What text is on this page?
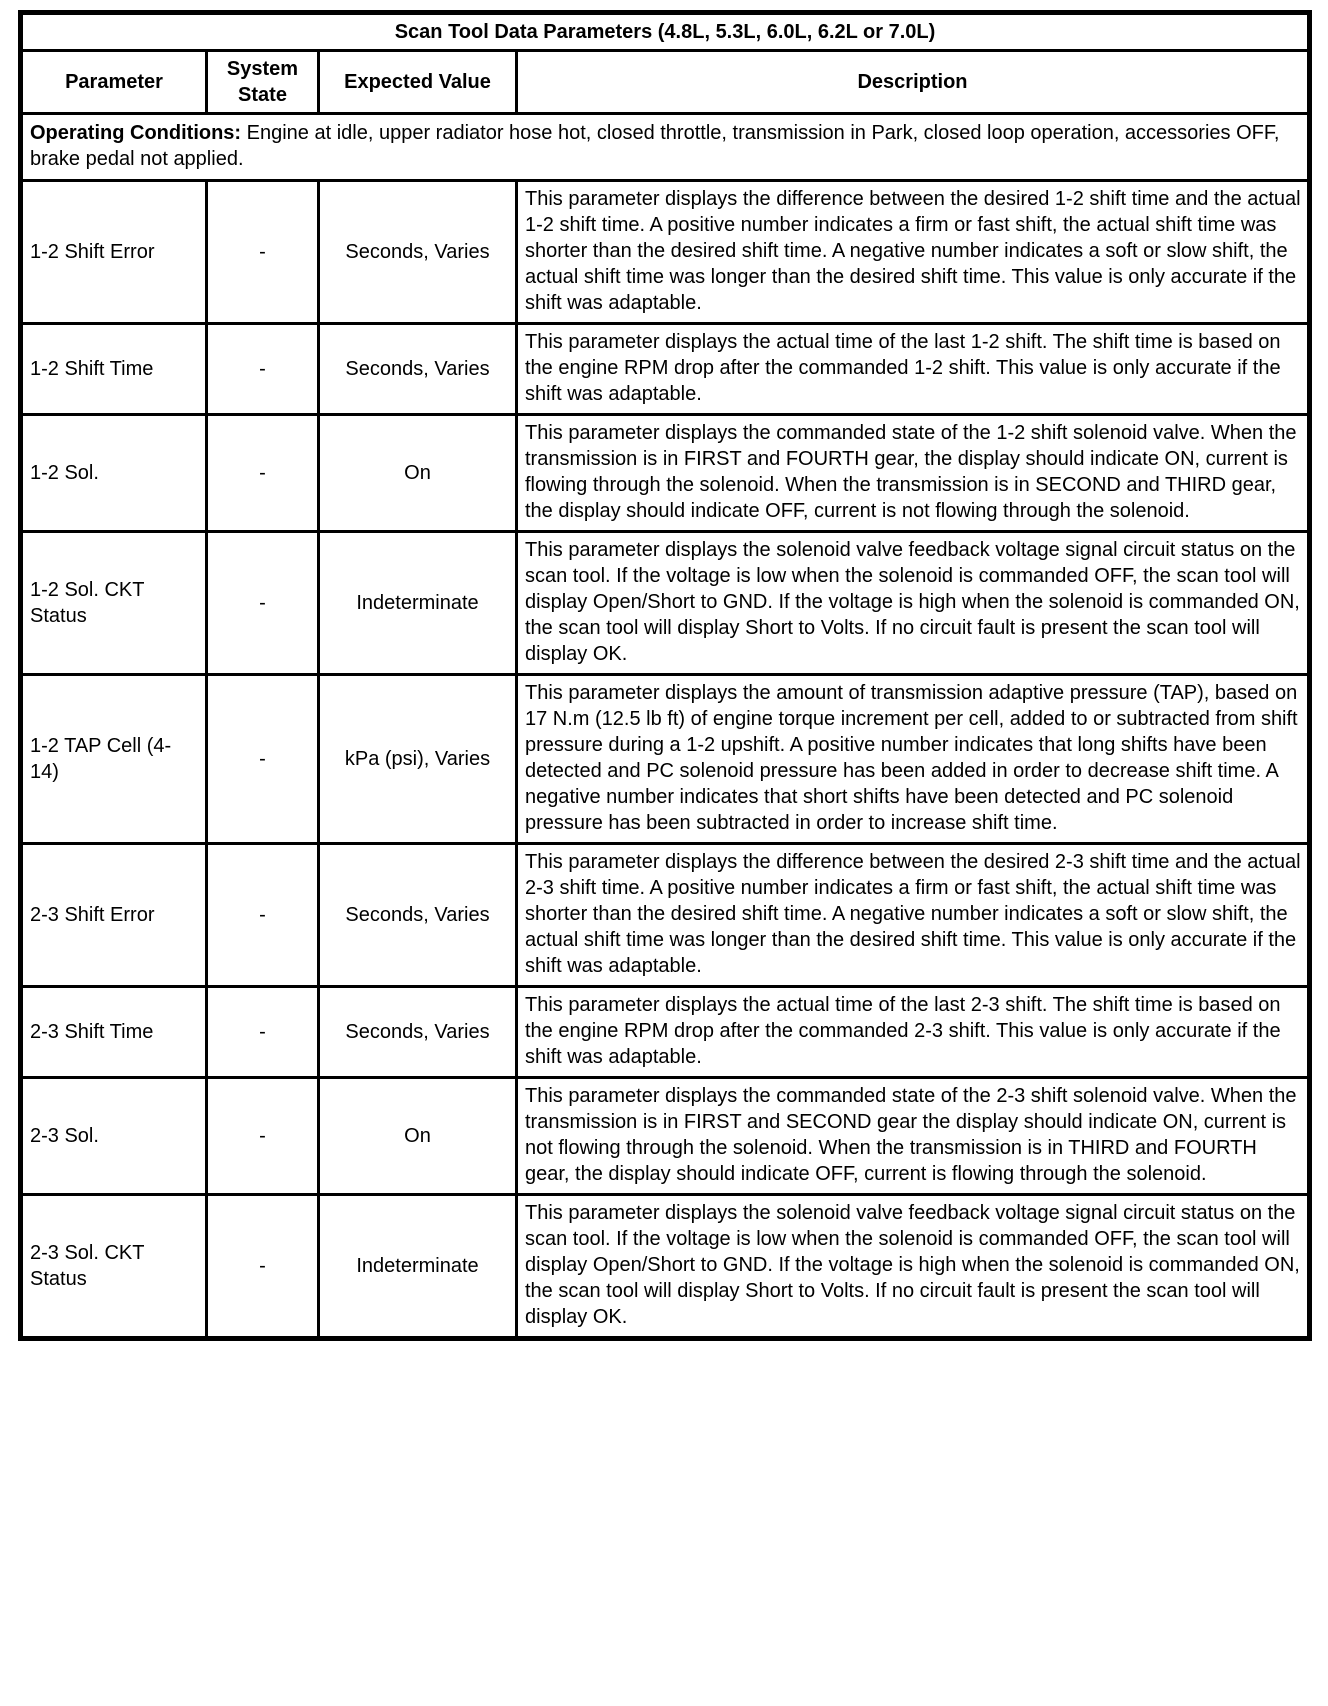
Scan Tool Data Parameters (4.8L, 5.3L, 6.0L, 6.2L or 7.0L)			
Parameter	System State	Expected Value	Description
Operating Conditions: Engine at idle, upper radiator hose hot, closed throttle, transmission in Park, closed loop operation, accessories OFF, brake pedal not applied.			
1-2 Shift Error	-	Seconds, Varies	This parameter displays the difference between the desired 1-2 shift time and the actual 1-2 shift time. A positive number indicates a firm or fast shift, the actual shift time was shorter than the desired shift time. A negative number indicates a soft or slow shift, the actual shift time was longer than the desired shift time. This value is only accurate if the shift was adaptable.
1-2 Shift Time	-	Seconds, Varies	This parameter displays the actual time of the last 1-2 shift. The shift time is based on the engine RPM drop after the commanded 1-2 shift. This value is only accurate if the shift was adaptable.
1-2 Sol.	-	On	This parameter displays the commanded state of the 1-2 shift solenoid valve. When the transmission is in FIRST and FOURTH gear, the display should indicate ON, current is flowing through the solenoid. When the transmission is in SECOND and THIRD gear, the display should indicate OFF, current is not flowing through the solenoid.
1-2 Sol. CKT Status	-	Indeterminate	This parameter displays the solenoid valve feedback voltage signal circuit status on the scan tool. If the voltage is low when the solenoid is commanded OFF, the scan tool will display Open/Short to GND. If the voltage is high when the solenoid is commanded ON, the scan tool will display Short to Volts. If no circuit fault is present the scan tool will display OK.
1-2 TAP Cell (4-14)	-	kPa (psi), Varies	This parameter displays the amount of transmission adaptive pressure (TAP), based on 17 N.m (12.5 lb ft) of engine torque increment per cell, added to or subtracted from shift pressure during a 1-2 upshift. A positive number indicates that long shifts have been detected and PC solenoid pressure has been added in order to decrease shift time. A negative number indicates that short shifts have been detected and PC solenoid pressure has been subtracted in order to increase shift time.
2-3 Shift Error	-	Seconds, Varies	This parameter displays the difference between the desired 2-3 shift time and the actual 2-3 shift time. A positive number indicates a firm or fast shift, the actual shift time was shorter than the desired shift time. A negative number indicates a soft or slow shift, the actual shift time was longer than the desired shift time. This value is only accurate if the shift was adaptable.
2-3 Shift Time	-	Seconds, Varies	This parameter displays the actual time of the last 2-3 shift. The shift time is based on the engine RPM drop after the commanded 2-3 shift. This value is only accurate if the shift was adaptable.
2-3 Sol.	-	On	This parameter displays the commanded state of the 2-3 shift solenoid valve. When the transmission is in FIRST and SECOND gear the display should indicate ON, current is not flowing through the solenoid. When the transmission is in THIRD and FOURTH gear, the display should indicate OFF, current is flowing through the solenoid.
2-3 Sol. CKT Status	-	Indeterminate	This parameter displays the solenoid valve feedback voltage signal circuit status on the scan tool. If the voltage is low when the solenoid is commanded OFF, the scan tool will display Open/Short to GND. If the voltage is high when the solenoid is commanded ON, the scan tool will display Short to Volts. If no circuit fault is present the scan tool will display OK.
